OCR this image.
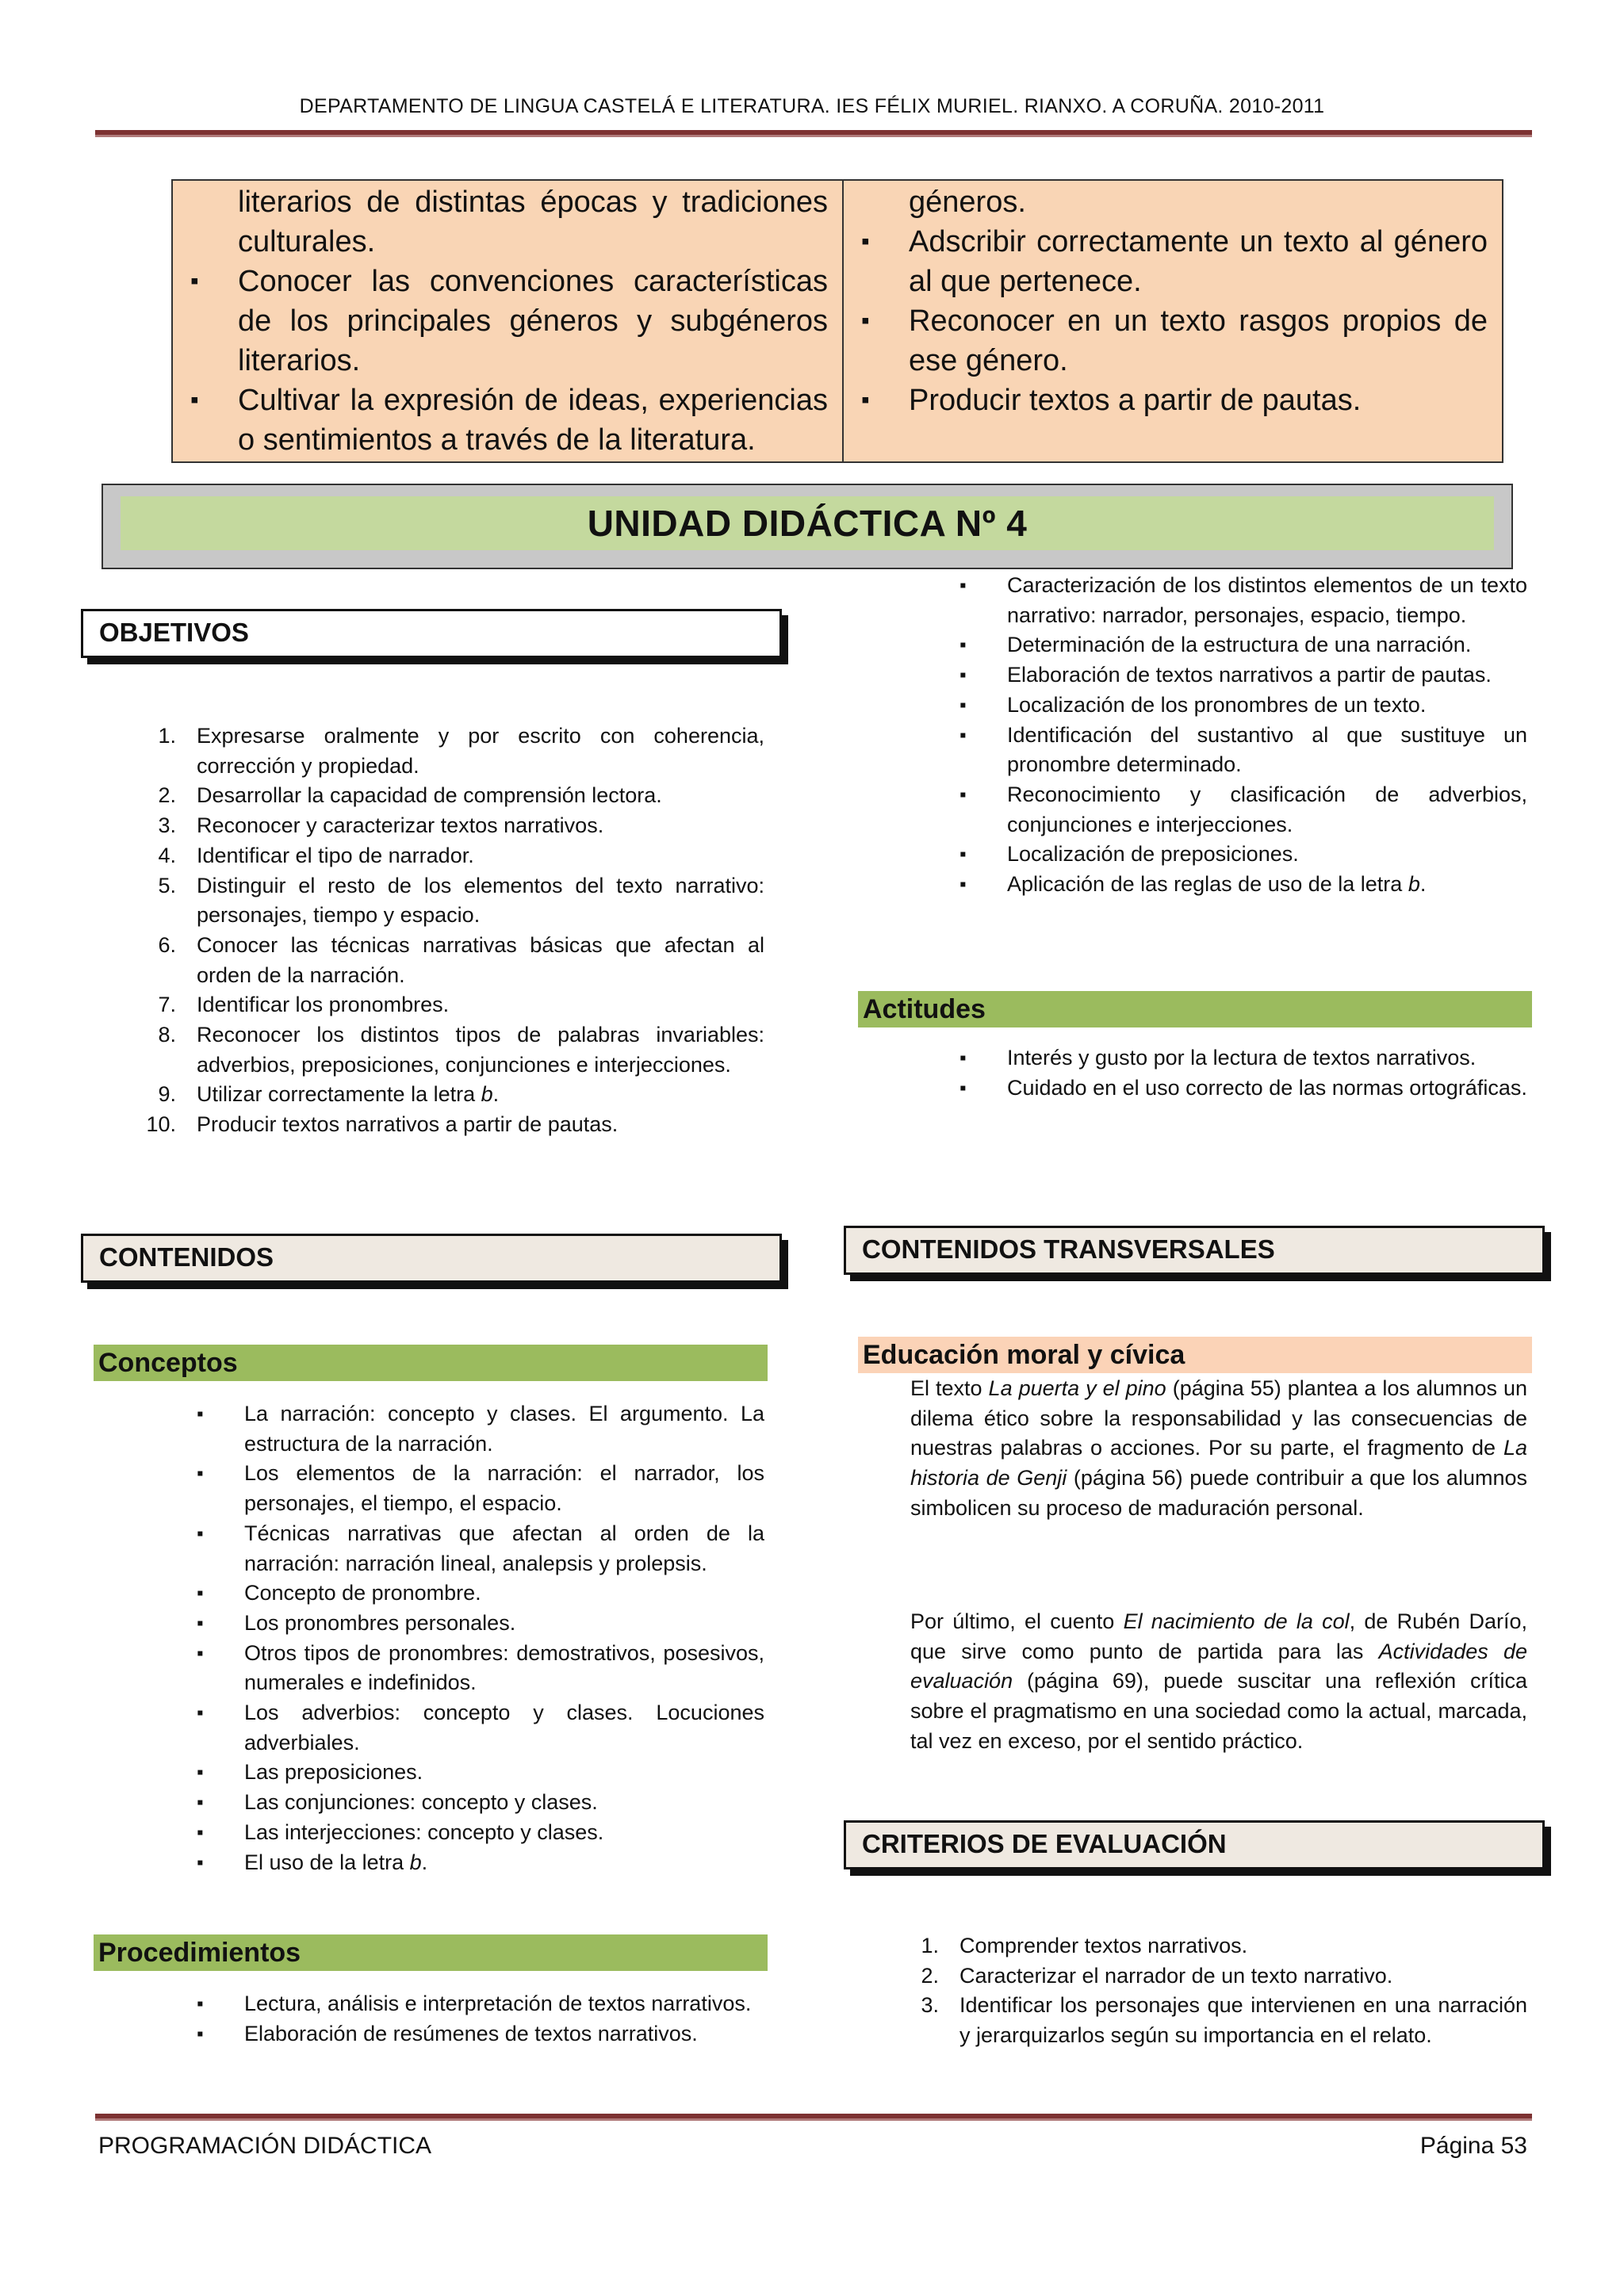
DEPARTAMENTO DE LINGUA CASTELÁ E LITERATURA. IES FÉLIX MURIEL. RIANXO. A CORUÑA. 2010-2011
literarios de distintas épocas y tradiciones culturales.
▪ Conocer las convenciones características de los principales géneros y subgéneros literarios.
▪ Cultivar la expresión de ideas, experiencias o sentimientos a través de la literatura.
géneros.
▪ Adscribir correctamente un texto al género al que pertenece.
▪ Reconocer en un texto rasgos propios de ese género.
▪ Producir textos a partir de pautas.
UNIDAD DIDÁCTICA Nº 4
OBJETIVOS
1. Expresarse oralmente y por escrito con coherencia, corrección y propiedad.
2. Desarrollar la capacidad de comprensión lectora.
3. Reconocer y caracterizar textos narrativos.
4. Identificar el tipo de narrador.
5. Distinguir el resto de los elementos del texto narrativo: personajes, tiempo y espacio.
6. Conocer las técnicas narrativas básicas que afectan al orden de la narración.
7. Identificar los pronombres.
8. Reconocer los distintos tipos de palabras invariables: adverbios, preposiciones, conjunciones e interjecciones.
9. Utilizar correctamente la letra b.
10. Producir textos narrativos a partir de pautas.
CONTENIDOS
Conceptos
▪ La narración: concepto y clases. El argumento. La estructura de la narración.
▪ Los elementos de la narración: el narrador, los personajes, el tiempo, el espacio.
▪ Técnicas narrativas que afectan al orden de la narración: narración lineal, analepsis y prolepsis.
▪ Concepto de pronombre.
▪ Los pronombres personales.
▪ Otros tipos de pronombres: demostrativos, posesivos, numerales e indefinidos.
▪ Los adverbios: concepto y clases. Locuciones adverbiales.
▪ Las preposiciones.
▪ Las conjunciones: concepto y clases.
▪ Las interjecciones: concepto y clases.
▪ El uso de la letra b.
Procedimientos
▪ Lectura, análisis e interpretación de textos narrativos.
▪ Elaboración de resúmenes de textos narrativos.
▪ Caracterización de los distintos elementos de un texto narrativo: narrador, personajes, espacio, tiempo.
▪ Determinación de la estructura de una narración.
▪ Elaboración de textos narrativos a partir de pautas.
▪ Localización de los pronombres de un texto.
▪ Identificación del sustantivo al que sustituye un pronombre determinado.
▪ Reconocimiento y clasificación de adverbios, conjunciones e interjecciones.
▪ Localización de preposiciones.
▪ Aplicación de las reglas de uso de la letra b.
Actitudes
▪ Interés y gusto por la lectura de textos narrativos.
▪ Cuidado en el uso correcto de las normas ortográficas.
CONTENIDOS TRANSVERSALES
Educación moral y cívica
El texto La puerta y el pino (página 55) plantea a los alumnos un dilema ético sobre la responsabilidad y las consecuencias de nuestras palabras o acciones. Por su parte, el fragmento de La historia de Genji (página 56) puede contribuir a que los alumnos simbolicen su proceso de maduración personal.
Por último, el cuento El nacimiento de la col, de Rubén Darío, que sirve como punto de partida para las Actividades de evaluación (página 69), puede suscitar una reflexión crítica sobre el pragmatismo en una sociedad como la actual, marcada, tal vez en exceso, por el sentido práctico.
CRITERIOS DE EVALUACIÓN
1. Comprender textos narrativos.
2. Caracterizar el narrador de un texto narrativo.
3. Identificar los personajes que intervienen en una narración y jerarquizarlos según su importancia en el relato.
PROGRAMACIÓN DIDÁCTICA	Página 53
